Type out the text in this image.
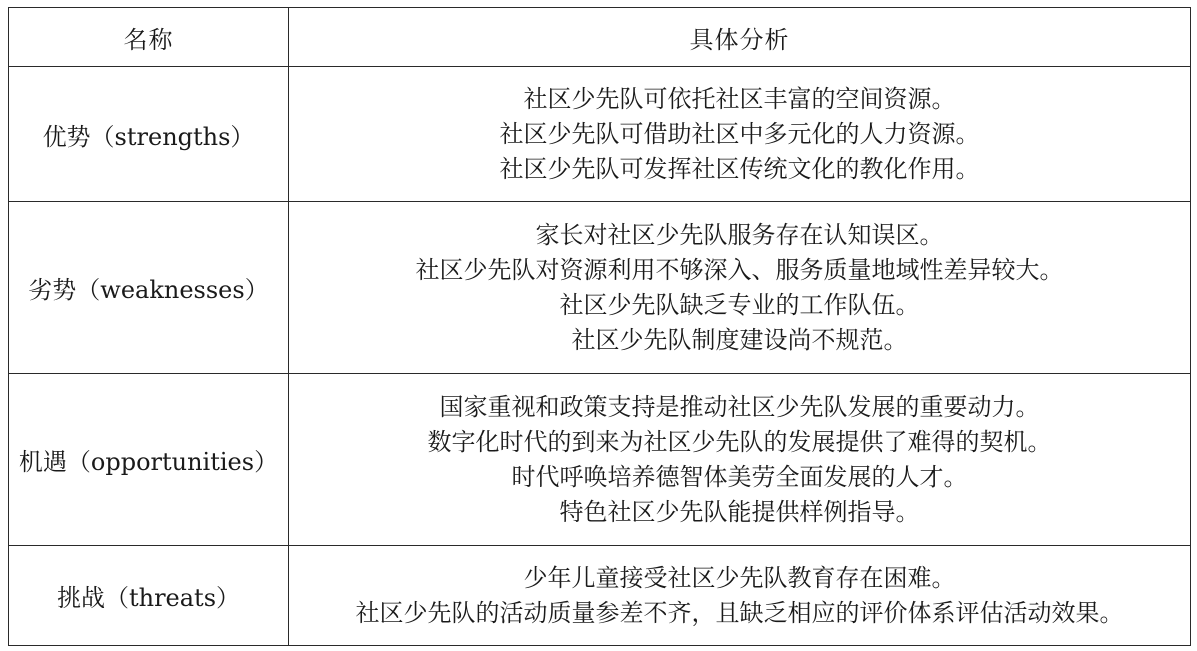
名称	具体分析
优势（strengths）	社区少先队可依托社区丰富的空间资源。
社区少先队可借助社区中多元化的人力资源。
社区少先队可发挥社区传统文化的教化作用。

劣势（weaknesses）	家长对社区少先队服务存在认知误区。
社区少先队对资源利用不够深入、服务质量地域性差异较大。
社区少先队缺乏专业的工作队伍。
社区少先队制度建设尚不规范。

机遇（opportunities）	国家重视和政策支持是推动社区少先队发展的重要动力。
数字化时代的到来为社区少先队的发展提供了难得的契机。
时代呼唤培养德智体美劳全面发展的人才。
特色社区少先队能提供样例指导。

挑战（threats）	少年儿童接受社区少先队教育存在困难。
社区少先队的活动质量参差不齐，且缺乏相应的评价体系评估活动效果。
